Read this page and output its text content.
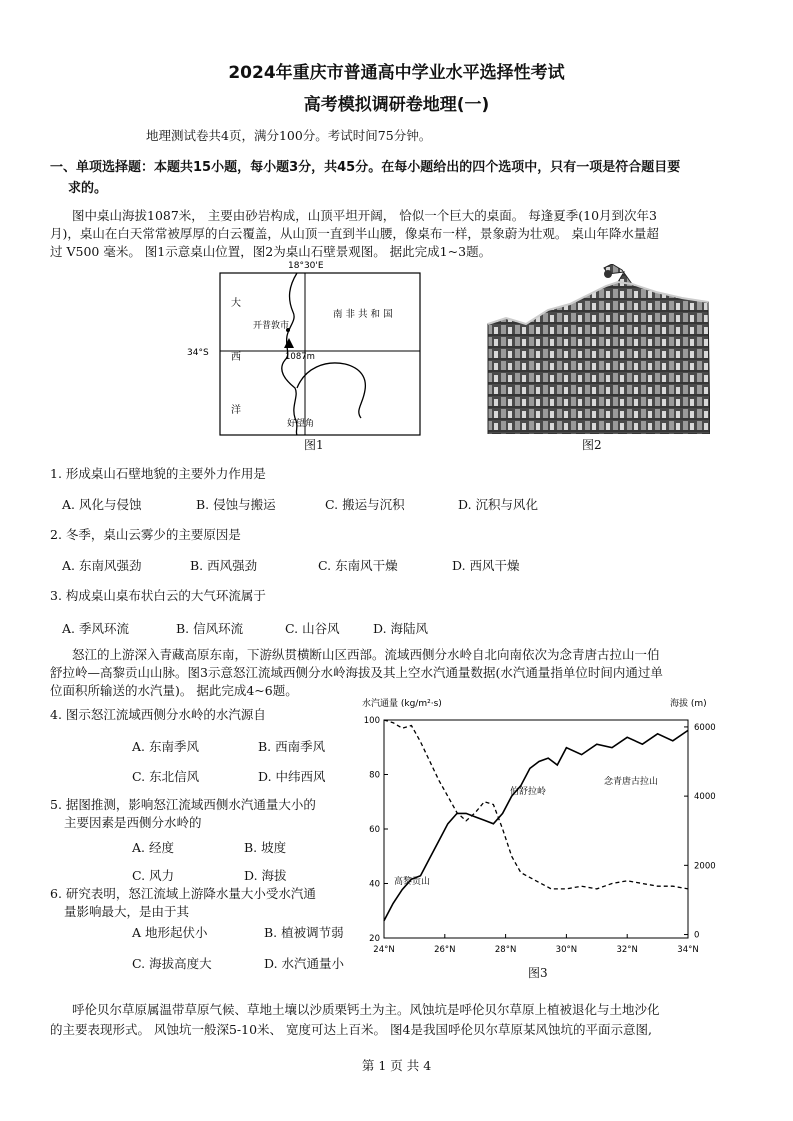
2024年重庆市普通高中学业水平选择性考试
高考模拟调研卷地理(一)
地理测试卷共4页，满分100分。考试时间75分钟。
一、单项选择题：本题共15小题，每小题3分，共45分。在每小题给出的四个选项中，只有一项是符合题目要
求的。
图中桌山海拔1087米， 主要由砂岩构成，山顶平坦开阔， 恰似一个巨大的桌面。 每逢夏季(10月到次年3
月)，桌山在白天常常被厚厚的白云覆盖，从山顶一直到半山腰，像桌布一样，景象蔚为壮观。 桌山年降水量超
过 V500 毫米。 图1示意桌山位置，图2为桌山石壁景观图。 据此完成1~3题。
18°30'E
34°S
大
西
洋
南 非 共 和 国
开普敦市
1087m
好望角
图1	图2
1. 形成桌山石壁地貌的主要外力作用是
A. 风化与侵蚀	B. 侵蚀与搬运	C. 搬运与沉积	D. 沉积与风化
2. 冬季，桌山云雾少的主要原因是
A. 东南风强劲	B. 西风强劲	C. 东南风干燥	D. 西风干燥
3. 构成桌山桌布状白云的大气环流属于
A. 季风环流	B. 信风环流	C. 山谷风	D. 海陆风
怒江的上游深入青藏高原东南，下游纵贯横断山区西部。流域西侧分水岭自北向南依次为念青唐古拉山一伯
舒拉岭—高黎贡山山脉。图3示意怒江流域西侧分水岭海拔及其上空水汽通量数据(水汽通量指单位时间内通过单
位面积所输送的水汽量)。 据此完成4~6题。
4. 图示怒江流域西侧分水岭的水汽源自
A. 东南季风	B. 西南季风
C. 东北信风	D. 中纬西风
5. 据图推测，影响怒江流域西侧水汽通量大小的
主要因素是西侧分水岭的
A. 经度	B. 坡度
C. 风力	D. 海拔
6. 研究表明，怒江流域上游降水量大小受水汽通
量影响最大，是由于其
A 地形起伏小	B. 植被调节弱
C. 海拔高度大	D. 水汽通量小
水汽通量 (kg/m²·s)	海拔 (m)
24°N	26°N	28°N	30°N	32°N	34°N
20
40
60
80
100
0
2000
4000
6000
伯舒拉岭
念青唐古拉山
高黎贡山
图3
呼伦贝尔草原属温带草原气候、草地土壤以沙质栗钙土为主。风蚀坑是呼伦贝尔草原上植被退化与土地沙化
的主要表现形式。 风蚀坑一般深5-10米、 宽度可达上百米。 图4是我国呼伦贝尔草原某风蚀坑的平面示意图,
第 1 页 共 4
